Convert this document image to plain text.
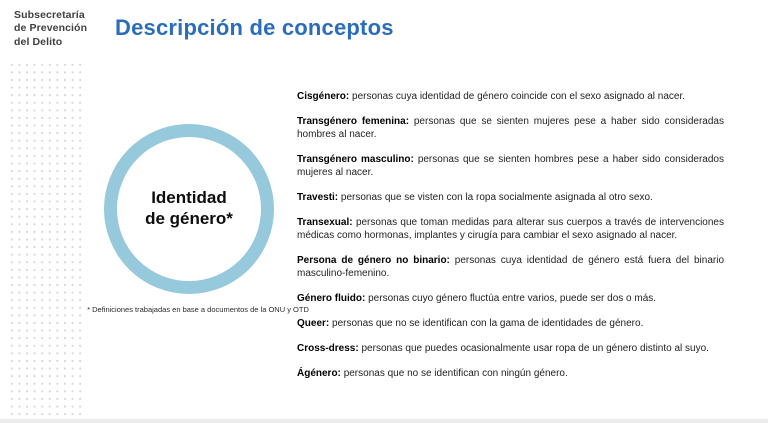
Subsecretaría
de Prevención
del Delito
Descripción de conceptos
Identidad
de género*
* Definiciones trabajadas en base a documentos de la ONU y OTD

Cisgénero: personas cuya identidad de género coincide con el sexo asignado al nacer.

Transgénero femenina: personas que se sienten mujeres pese a haber sido consideradas hombres al nacer.

Transgénero masculino: personas que se sienten hombres pese a haber sido considerados mujeres al nacer.

Travesti: personas que se visten con la ropa socialmente asignada al otro sexo.

Transexual: personas que toman medidas para alterar sus cuerpos a través de intervenciones médicas como hormonas, implantes y cirugía para cambiar el sexo asignado al nacer.

Persona de género no binario: personas cuya identidad de género está fuera del binario masculino-femenino.

Género fluido: personas cuyo género fluctúa entre varios, puede ser dos o más.

Queer: personas que no se identifican con la gama de identidades de género.

Cross-dress: personas que puedes ocasionalmente usar ropa de un género distinto al suyo.

Ágénero: personas que no se identifican con ningún género.
